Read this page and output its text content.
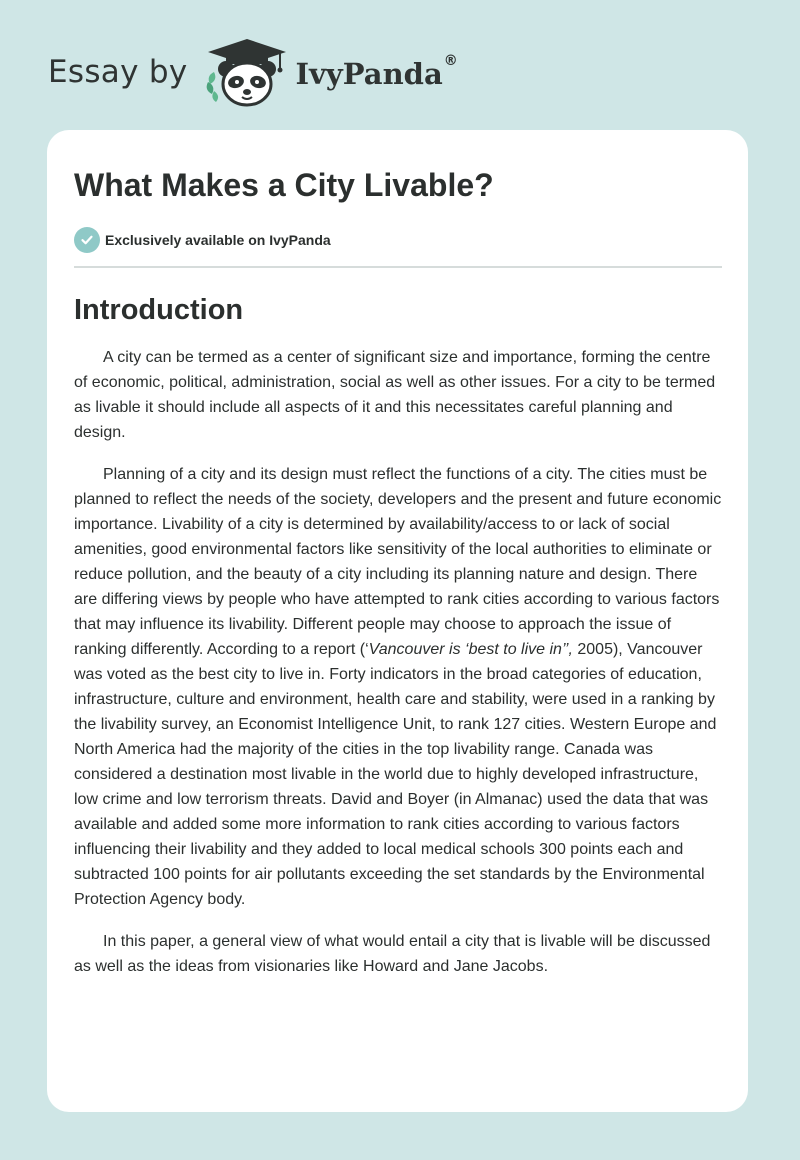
Essay by	IvyPanda®
What Makes a City Livable?
Exclusively available on IvyPanda
Introduction

A city can be termed as a center of significant size and importance, forming the centre of economic, political, administration, social as well as other issues. For a city to be termed as livable it should include all aspects of it and this necessitates careful planning and design.

Planning of a city and its design must reflect the functions of a city. The cities must be planned to reflect the needs of the society, developers and the present and future economic importance. Livability of a city is determined by availability/access to or lack of social amenities, good environmental factors like sensitivity of the local authorities to eliminate or reduce pollution, and the beauty of a city including its planning nature and design. There are differing views by people who have attempted to rank cities according to various factors that may influence its livability. Different people may choose to approach the issue of ranking differently. According to a report (‘Vancouver is ‘best to live in’’, 2005), Vancouver was voted as the best city to live in. Forty indicators in the broad categories of education, infrastructure, culture and environment, health care and stability, were used in a ranking by the livability survey, an Economist Intelligence Unit, to rank 127 cities. Western Europe and North America had the majority of the cities in the top livability range. Canada was considered a destination most livable in the world due to highly developed infrastructure, low crime and low terrorism threats. David and Boyer (in Almanac) used the data that was available and added some more information to rank cities according to various factors influencing their livability and they added to local medical schools 300 points each and subtracted 100 points for air pollutants exceeding the set standards by the Environmental Protection Agency body.

In this paper, a general view of what would entail a city that is livable will be discussed as well as the ideas from visionaries like Howard and Jane Jacobs.
